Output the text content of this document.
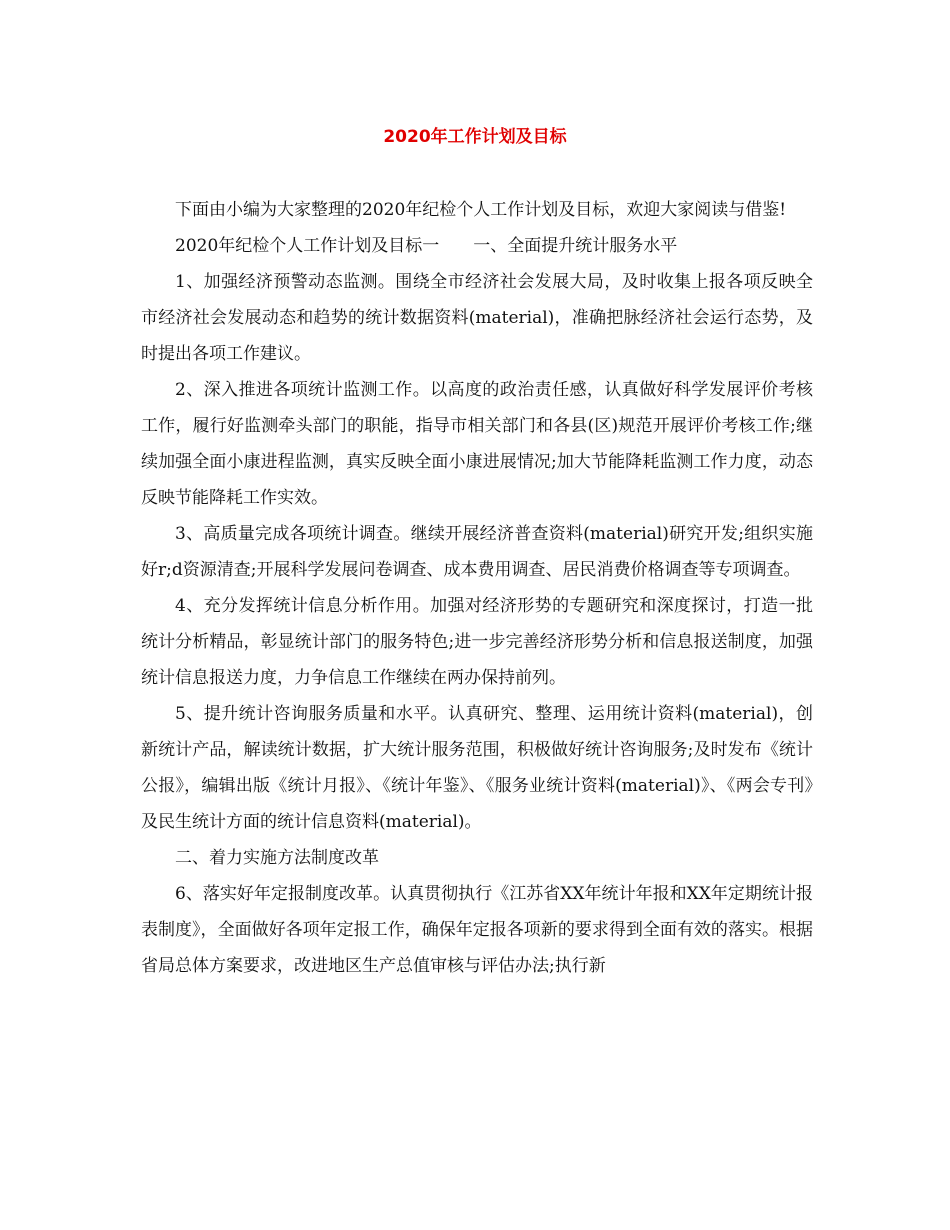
2020年工作计划及目标

下面由小编为大家整理的2020年纪检个人工作计划及目标，欢迎大家阅读与借鉴!

2020年纪检个人工作计划及目标一　　一、全面提升统计服务水平

1、加强经济预警动态监测。围绕全市经济社会发展大局，及时收集上报各项反映全市经济社会发展动态和趋势的统计数据资料(material)，准确把脉经济社会运行态势，及时提出各项工作建议。

2、深入推进各项统计监测工作。以高度的政治责任感，认真做好科学发展评价考核工作，履行好监测牵头部门的职能，指导市相关部门和各县(区)规范开展评价考核工作;继续加强全面小康进程监测，真实反映全面小康进展情况;加大节能降耗监测工作力度，动态反映节能降耗工作实效。

3、高质量完成各项统计调查。继续开展经济普查资料(material)研究开发;组织实施好r;d资源清查;开展科学发展问卷调查、成本费用调查、居民消费价格调查等专项调查。

4、充分发挥统计信息分析作用。加强对经济形势的专题研究和深度探讨，打造一批统计分析精品，彰显统计部门的服务特色;进一步完善经济形势分析和信息报送制度，加强统计信息报送力度，力争信息工作继续在两办保持前列。

5、提升统计咨询服务质量和水平。认真研究、整理、运用统计资料(material)，创新统计产品，解读统计数据，扩大统计服务范围，积极做好统计咨询服务;及时发布《统计公报》，编辑出版《统计月报》、《统计年鉴》、《服务业统计资料(material)》、《两会专刊》及民生统计方面的统计信息资料(material)。

二、着力实施方法制度改革

6、落实好年定报制度改革。认真贯彻执行《江苏省XX年统计年报和XX年定期统计报表制度》，全面做好各项年定报工作，确保年定报各项新的要求得到全面有效的落实。根据省局总体方案要求，改进地区生产总值审核与评估办法;执行新
